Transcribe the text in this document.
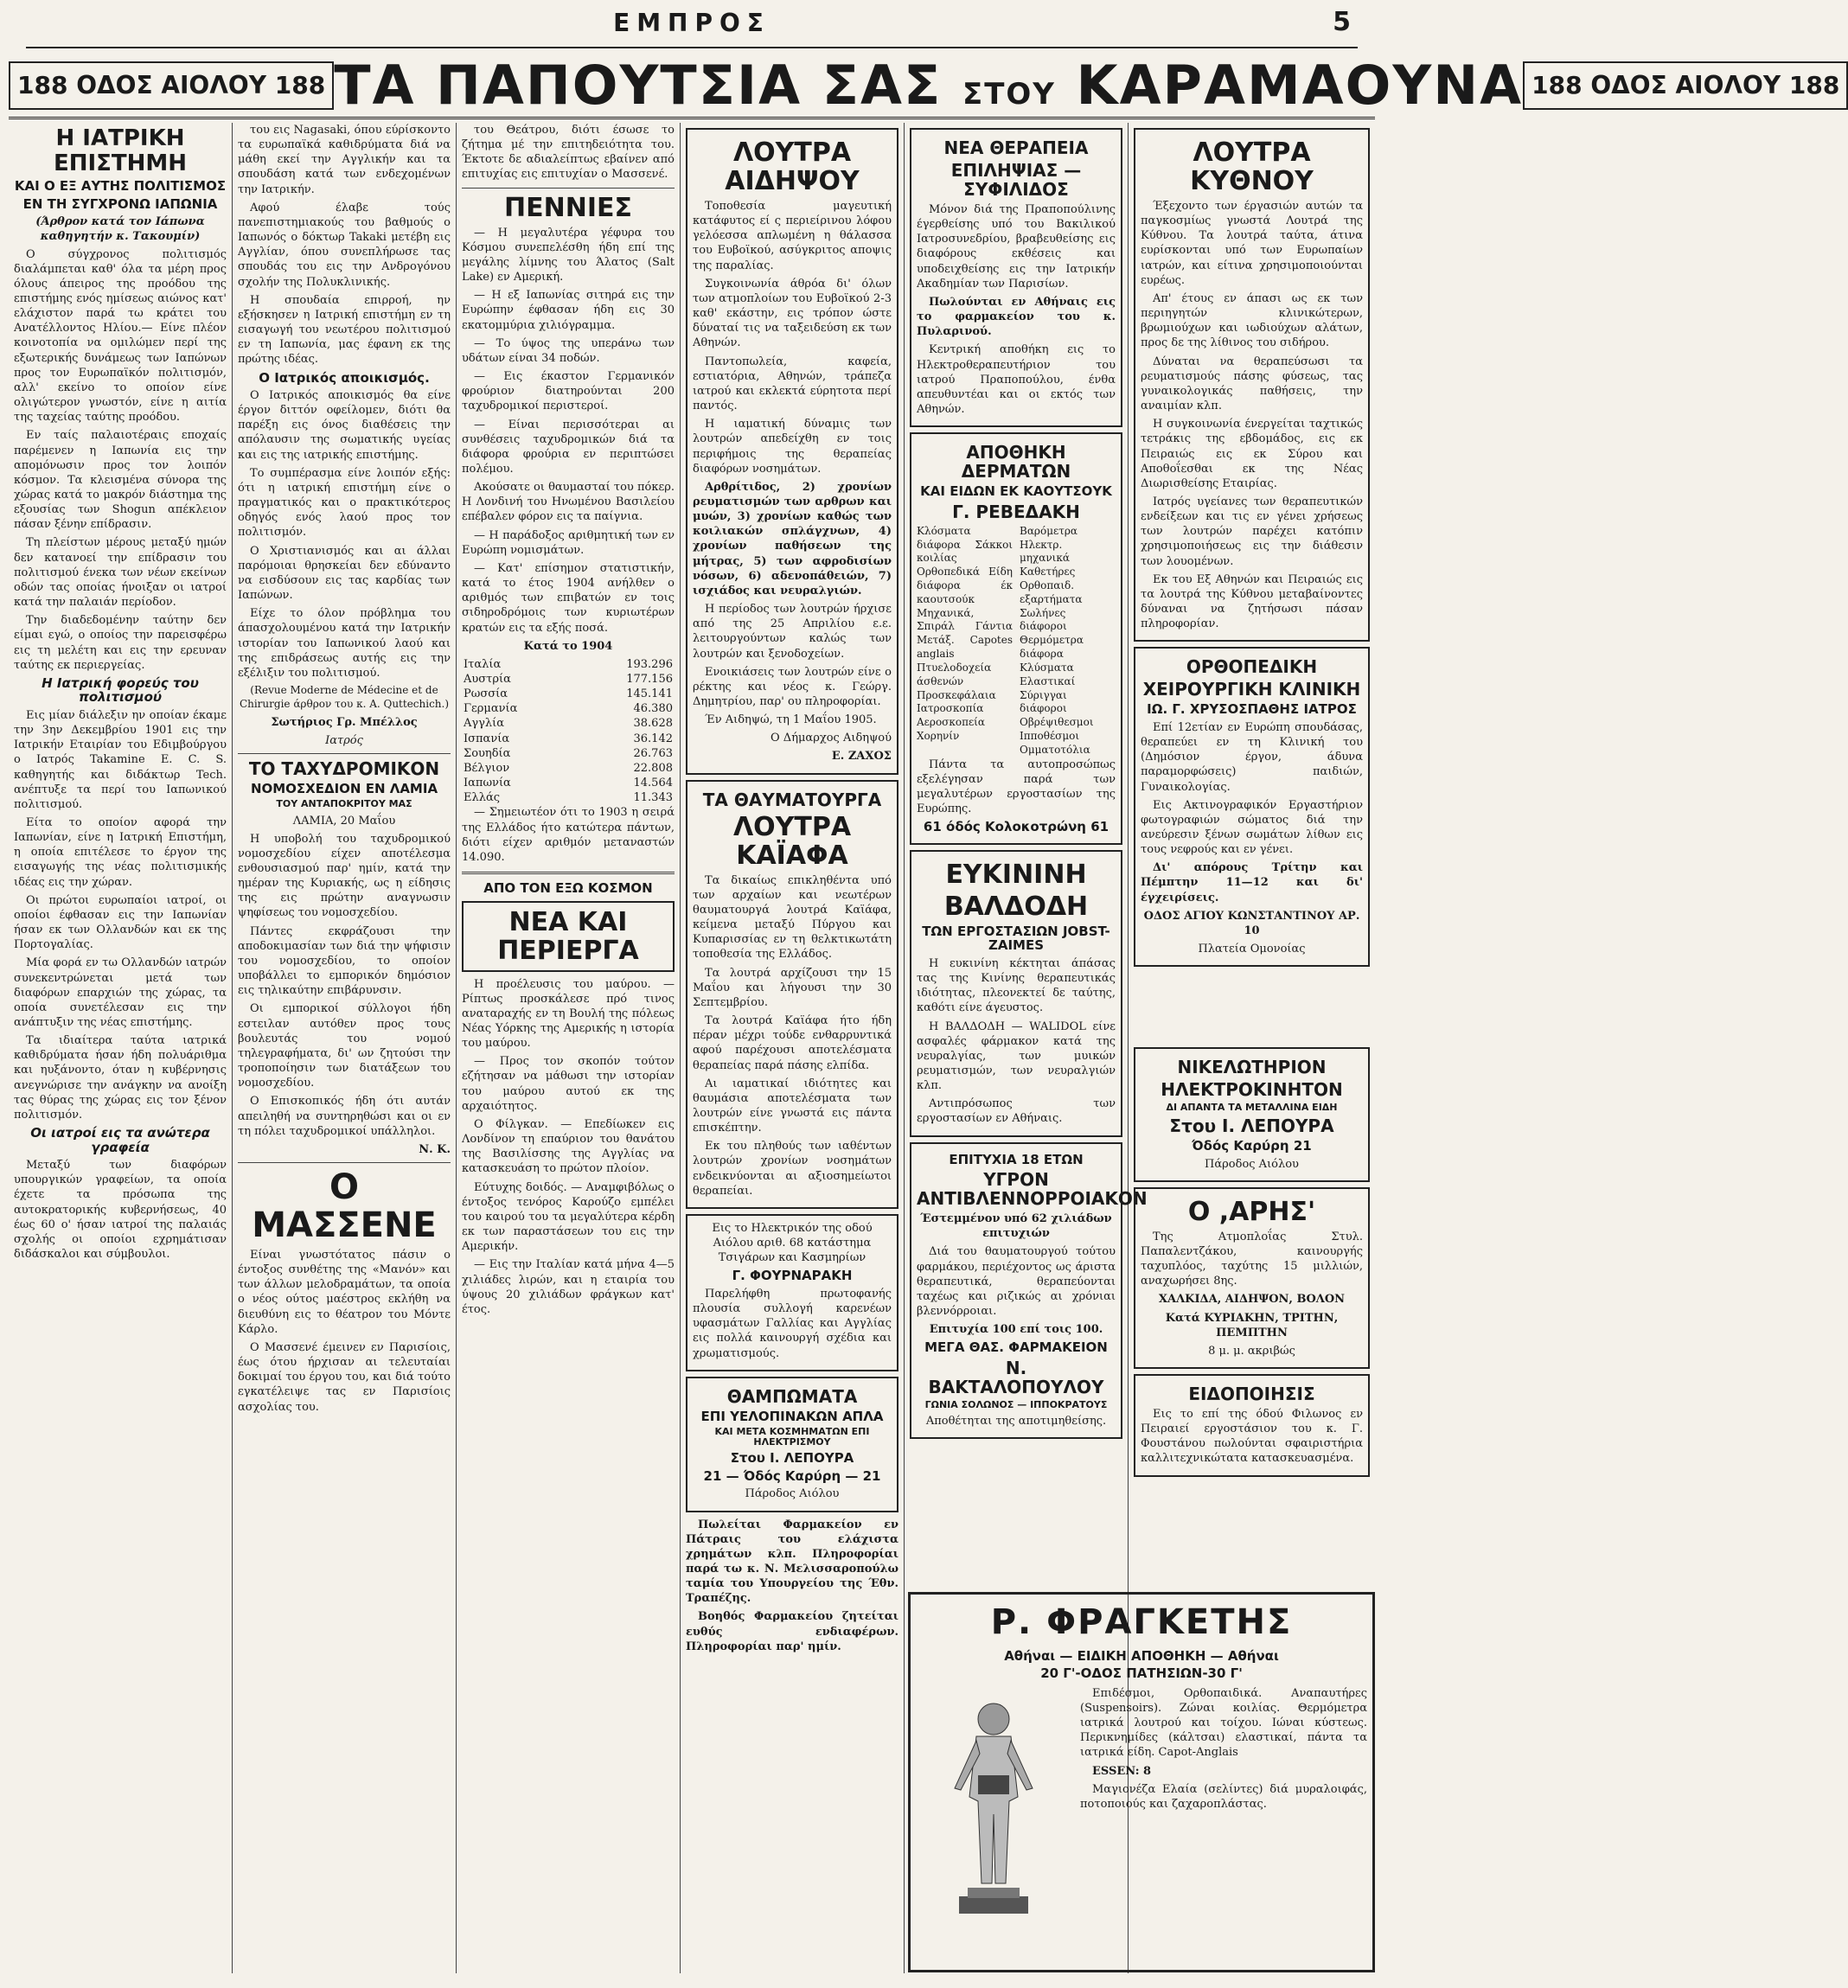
ΕΜΠΡΟΣ	5
188 ΟΔΟΣ ΑΙΟΛΟΥ 188 ΤΑ ΠΑΠΟΥΤΣΙΑ ΣΑΣ ΣΤΟΥ ΚΑΡΑΜΑΟΥΝΑ 188 ΟΔΟΣ ΑΙΟΛΟΥ 188
Η ΙΑΤΡΙΚΗ ΕΠΙΣΤΗΜΗ
ΚΑΙ Ο ΕΞ ΑΥΤΗΣ ΠΟΛΙΤΙΣΜΟΣ
ΕΝ ΤΗ ΣΥΓΧΡΟΝΩ ΙΑΠΩΝΙΑ
(Άρθρον κατά τον Ιάπωνα καθηγητήν κ. Τακουμίν)

Ο σύγχρονος πολιτισμός διαλάμπεται καθ' όλα τα μέρη προς όλους άπειρος της προόδου της επιστήμης ενός ημίσεως αιώνος κατ' ελάχιστον παρά τω κράτει του Ανατέλλοντος Ηλίου.— Είνε πλέον κοινοτοπία να ομιλώμεν περί της εξωτερικής δυνάμεως των Ιαπώνων προς τον Ευρωπαϊκόν πολιτισμόν, αλλ' εκείνο το οποίον είνε ολιγώτερον γνωστόν, είνε η αιτία της ταχείας ταύτης προόδου.

Εν ταίς παλαιοτέραις εποχαίς παρέμενεν η Ιαπωνία εις την απομόνωσιν προς τον λοιπόν κόσμον. Τα κλεισμένα σύνορα της χώρας κατά το μακρόν διάστημα της εξουσίας των Shogun απέκλειον πάσαν ξένην επίδρασιν.

Τη πλείστων μέρους μεταξύ ημών δεν κατανοεί την επίδρασιν του πολιτισμού ένεκα των νέων εκείνων οδών τας οποίας ήνοιξαν οι ιατροί κατά την παλαιάν περίοδον.

Την διαδεδομένην ταύτην δεν είμαι εγώ, ο οποίος την παρεισφέρω εις τη μελέτη και εις την ερευναν ταύτης εκ περιεργείας.

Η Ιατρική φορεύς του πολιτισμού

Εις μίαν διάλεξιν ην οποίαν έκαμε την 3ην Δεκεμβρίου 1901 εις την Ιατρικήν Εταιρίαν του Εδιμβούργου ο Ιατρός Takamine E. C. S. καθηγητής και διδάκτωρ Tech. ανέπτυξε τα περί του Ιαπωνικού πολιτισμού.

Είτα το οποίον αφορά την Ιαπωνίαν, είνε η Ιατρική Επιστήμη, η οποία επιτέλεσε το έργον της εισαγωγής της νέας πολιτισμικής ιδέας εις την χώραν.

Οι πρώτοι ευρωπαίοι ιατροί, οι οποίοι έφθασαν εις την Ιαπωνίαν ήσαν εκ των Ολλανδών και εκ της Πορτογαλίας.

Μία φορά εν τω Ολλανδών ιατρών συνεκεντρώνεται μετά των διαφόρων επαρχιών της χώρας, τα οποία συνετέλεσαν εις την ανάπτυξιν της νέας επιστήμης.

Τα ιδιαίτερα ταύτα ιατρικά καθιδρύματα ήσαν ήδη πολυάριθμα και ηυξάνοντο, όταν η κυβέρνησις ανεγνώρισε την ανάγκην να ανοίξη τας θύρας της χώρας εις τον ξένον πολιτισμόν.

Οι ιατροί εις τα ανώτερα γραφεία

Μεταξύ των διαφόρων υπουργικών γραφείων, τα οποία έχετε τα πρόσωπα της αυτοκρατορικής κυβερνήσεως, 40 έως 60 ο' ήσαν ιατροί της παλαιάς σχολής οι οποίοι εχρημάτισαν διδάσκαλοι και σύμβουλοι.

του εις Nagasaki, όπου εύρίσκοντο τα ευρωπαϊκά καθιδρύματα διά να μάθη εκεί την Αγγλικήν και τα σπουδάση κατά των ενδεχομένων την Ιατρικήν.

Αφού έλαβε τούς πανεπιστημιακούς του βαθμούς ο Ιαπωνός ο δόκτωρ Takaki μετέβη εις Αγγλίαν, όπου συνεπλήρωσε τας σπουδάς του εις την Ανδρογόνου σχολήν της Πολυκλινικής.

Η σπουδαία επιρροή, ην εξήσκησεν η Ιατρική επιστήμη εν τη εισαγωγή του νεωτέρου πολιτισμού εν τη Ιαπωνία, μας έφανη εκ της πρώτης ιδέας.

Ο Ιατρικός αποικισμός.

Ο Ιατρικός αποικισμός θα είνε έργον διττόν οφείλομεν, διότι θα παρέξη εις όνος διαθέσεις την απόλαυσιν της σωματικής υγείας και εις της ιατρικής επιστήμης.

Το συμπέρασμα είνε λοιπόν εξής: ότι η ιατρική επιστήμη είνε ο πραγματικός και ο πρακτικότερος οδηγός ενός λαού προς τον πολιτισμόν.

Ο Χριστιανισμός και αι άλλαι παρόμοιαι θρησκείαι δεν εδύναντο να εισδύσουν εις τας καρδίας των Ιαπώνων.

Είχε το όλον πρόβλημα του άπασχολουμένου κατά την Ιατρικήν ιστορίαν του Ιαπωνικού λαού και της επιδράσεως αυτής εις την εξέλιξιν του πολιτισμού.

(Revue Moderne de Médecine et de Chirurgie άρθρον του κ. A. Quttechich.)

Σωτήριος Γρ. Μπέλλος

Ιατρός

ΤΟ ΤΑΧΥΔΡΟΜΙΚΟΝ
ΝΟΜΟΣΧΕΔΙΟΝ ΕΝ ΛΑΜΙΑ
ΤΟΥ ΑΝΤΑΠΟΚΡΙΤΟΥ ΜΑΣ

ΛΑΜΙΑ, 20 Μαΐου

Η υποβολή του ταχυδρομικού νομοσχεδίου είχεν αποτέλεσμα ενθουσιασμού παρ' ημίν, κατά την ημέραν της Κυριακής, ως η είδησις της εις πρώτην αναγνωσιν ψηφίσεως του νομοσχεδίου.

Πάντες εκφράζουσι την αποδοκιμασίαν των διά την ψήφισιν του νομοσχεδίου, το οποίον υποβάλλει το εμπορικόν δημόσιον εις τηλικαύτην επιβάρυνσιν.

Οι εμπορικοί σύλλογοι ήδη εστειλαν αυτόθεν προς τους βουλευτάς του νομού τηλεγραφήματα, δι' ων ζητούσι την τροποποίησιν των διατάξεων του νομοσχεδίου.

Ο Επισκοπικός ήδη ότι αυτάν απειληθή να συντηρηθώσι και οι εν τη πόλει ταχυδρομικοί υπάλληλοι.

Ν. Κ.

Ο ΜΑΣΣΕΝΕ

Είναι γνωστότατος πάσιν ο έντοξος συνθέτης της «Μανόν» και των άλλων μελοδραμάτων, τα οποία ο νέος ούτος μαέστρος εκλήθη να διευθύνη εις το θέατρον του Μόντε Κάρλο.

Ο Μασσενέ έμεινεν εν Παρισίοις, έως ότου ήρχισαν αι τελευταίαι δοκιμαί του έργου του, και διά τούτο εγκατέλειψε τας εν Παρισίοις ασχολίας του.

του Θεάτρου, διότι έσωσε το ζήτημα μέ την επιτηδειότητα του. Έκτοτε δε αδιαλείπτως εβαίνεν από επιτυχίας εις επιτυχίαν ο Μασσενέ.

ΠΕΝΝΙΕΣ

— Η μεγαλυτέρα γέφυρα του Κόσμου συνεπελέσθη ήδη επί της μεγάλης λίμνης του Άλατος (Salt Lake) εν Αμερική.

— Η εξ Ιαπωνίας σιτηρά εις την Ευρώπην έφθασαν ήδη εις 30 εκατομμύρια χιλιόγραμμα.

— Το ύψος της υπεράνω των υδάτων είναι 34 ποδών.

— Εις έκαστον Γερμανικόν φρούριον διατηρούνται 200 ταχυδρομικοί περιστεροί.

— Είναι περισσότεραι αι συνθέσεις ταχυδρομικών διά τα διάφορα φρούρια εν περιπτώσει πολέμου.

Ακούσατε οι θαυμασταί του πόκερ. Η Λονδινή του Ηνωμένου Βασιλείου επέβαλεν φόρον εις τα παίγνια.

— Η παράδοξος αριθμητική των εν Ευρώπη νομισμάτων.

— Κατ' επίσημον στατιστικήν, κατά το έτος 1904 ανήλθεν ο αριθμός των επιβατών εν τοις σιδηροδρόμοις των κυριωτέρων κρατών εις τα εξής ποσά.

Κατά το 1904

Ιταλία	193.296
Αυστρία	177.156
Ρωσσία	145.141
Γερμανία	46.380
Αγγλία	38.628
Ισπανία	36.142
Σουηδία	26.763
Βέλγιον	22.808
Ιαπωνία	14.564
Ελλάς	11.343

— Σημειωτέον ότι το 1903 η σειρά της Ελλάδος ήτο κατώτερα πάντων, διότι είχεν αριθμόν μεταναστών 14.090.

ΑΠΟ ΤΟΝ ΕΞΩ ΚΟΣΜΟΝ
ΝΕΑ ΚΑΙ ΠΕΡΙΕΡΓΑ

Η προέλευσις του μαύρου. — Ρίπτως προσκάλεσε πρό τινος αναταραχής εν τη Βουλή της πόλεως Νέας Υόρκης της Αμερικής η ιστορία του μαύρου.

— Προς τον σκοπόν τούτον εζήτησαν να μάθωσι την ιστορίαν του μαύρου αυτού εκ της αρχαιότητος.

Ο Φίλγκαν. — Επεδίωκεν εις Λονδίνον τη επαύριον του θανάτου της Βασιλίσσης της Αγγλίας να κατασκευάση το πρώτον πλοίον.

Εύτυχης δοιδός. — Αναμφιβόλως ο έντοξος τενόρος Καρούζο εμπέλει του καιρού του τα μεγαλύτερα κέρδη εκ των παραστάσεων του εις την Αμερικήν.

— Εις την Ιταλίαν κατά μήνα 4—5 χιλιάδες λιρών, και η εταιρία του ύψους 20 χιλιάδων φράγκων κατ' έτος.

ΛΟΥΤΡΑ ΑΙΔΗΨΟΥ

Τοποθεσία μαγευτική κατάφυτος εί ς περιείρινου λόφου γελόεσσα απλωμένη η θάλασσα του Ευβοϊκού, ασύγκριτος αποψις της παραλίας.

Συγκοινωνία άθρόα δι' όλων των ατμοπλοίων του Ευβοϊκού 2-3 καθ' εκάστην, εις τρόπον ώστε δύναταί τις να ταξειδεύση εκ των Αθηνών.

Παντοπωλεία, καφεία, εστιατόρια, Αθηνών, τράπεζα ιατρού και εκλεκτά εύρητοτα περί παντός.

Η ιαματική δύναμις των λουτρών απεδείχθη εν τοις περιφήμοις της θεραπείας διαφόρων νοσημάτων.

Αρθρίτιδος, 2) χρονίων ρευματισμών των αρθρων και μυών, 3) χρονίων καθώς των κοιλιακών σπλάγχνων, 4) χρονίων παθήσεων της μήτρας, 5) των αφροδισίων νόσων, 6) αδενοπάθειών, 7) ισχιάδος και νευραλγιών.

Η περίοδος των λουτρών ήρχισε από της 25 Απριλίου ε.ε. λειτουργούντων καλώς των λουτρών και ξενοδοχείων.

Ενοικιάσεις των λουτρών είνε ο ρέκτης και νέος κ. Γεώργ. Δημητρίου, παρ' ου πληροφορίαι.

Έν Αιδηψώ, τη 1 Μαΐου 1905.

Ο Δήμαρχος Αιδηψού

Ε. ΖΑΧΟΣ

ΤΑ ΘΑΥΜΑΤΟΥΡΓΑ
ΛΟΥΤΡΑ ΚΑΪΑΦΑ

Τα δικαίως επικληθέντα υπό των αρχαίων και νεωτέρων θαυματουργά λουτρά Καϊάφα, κείμενα μεταξύ Πύργου και Κυπαρισσίας εν τη θελκτικωτάτη τοποθεσία της Ελλάδος.

Τα λουτρά αρχίζουσι την 15 Μαΐου και λήγουσι την 30 Σεπτεμβρίου.

Τα λουτρά Καϊάφα ήτο ήδη πέραν μέχρι τούδε ενθαρρυντικά αφού παρέχουσι αποτελέσματα θεραπείας παρά πάσης ελπίδα.

Αι ιαματικαί ιδιότητες και θαυμάσια αποτελέσματα των λουτρών είνε γνωστά εις πάντα επισκέπτην.

Εκ του πληθούς των ιαθέντων λουτρών χρονίων νοσημάτων ενδεικνύονται αι αξιοσημείωτοι θεραπείαι.

Εις το Ηλεκτρικόν της οδού Αιόλου αριθ. 68 κατάστημα Τσιγάρων και Κασμηρίων

Γ. ΦΟΥΡΝΑΡΑΚΗ

Παρελήφθη πρωτοφανής πλουσία συλλογή καρενέων υφασμάτων Γαλλίας και Αγγλίας εις πολλά καινουργή σχέδια και χρωματισμούς.

ΘΑΜΠΩΜΑΤΑ
ΕΠΙ ΥΕΛΟΠΙΝΑΚΩΝ ΑΠΛΑ
ΚΑΙ ΜΕΤΑ ΚΟΣΜΗΜΑΤΩΝ ΕΠΙ ΗΛΕΚΤΡΙΣΜΟΥ
Στου Ι. ΛΕΠΟΥΡΑ
21 — Όδός Καρύρη — 21

Πάροδος Αιόλου

Πωλείται Φαρμακείον εν Πάτραις του ελάχιστα χρημάτων κλπ. Πληροφορίαι παρά τω κ. Ν. Μελισσαροπούλω ταμία του Υπουργείου της Έθν. Τραπέζης.

Βοηθός Φαρμακείου ζητείται ευθύς ενδιαφέρων. Πληροφορίαι παρ' ημίν.

ΝΕΑ ΘΕΡΑΠΕΙΑ
ΕΠΙΛΗΨΙΑΣ — ΣΥΦΙΛΙΔΟΣ

Μόνον διά της Πραποπούλινης έγερθείσης υπό του Βακιλικού Ιατροσυνεδρίου, βραβευθείσης εις διαφόρους εκθέσεις και υποδειχθείσης εις την Ιατρικήν Ακαδημίαν των Παρισίων.

Πωλούνται εν Αθήναις εις το φαρμακείον του κ. Πυλαρινού.

Κεντρική αποθήκη εις το Ηλεκτροθεραπευτήριον του ιατρού Πραποπούλου, ένθα απευθυντέαι και οι εκτός των Αθηνών.

ΑΠΟΘΗΚΗ ΔΕΡΜΑΤΩΝ
ΚΑΙ ΕΙΔΩΝ ΕΚ ΚΑΟΥΤΣΟΥΚ
Γ. ΡΕΒΕΔΑΚΗ
Κλόσματα διάφορα Σάκκοι κοιλίας Ορθοπεδικά Είδη διάφορα έκ καουτσούκ Μηχανικά, Σπιράλ Γάντια Μετάξ. Capotes anglais Πτυελοδοχεία άσθενών Προσκεφάλαια Ιατροσκοπία Αεροσκοπεία Χορηνίν
Βαρόμετρα Ηλεκτρ. μηχανικά Καθετήρες Ορθοπαιδ. εξαρτήματα Σωλήνες διάφοροι Θερμόμετρα διάφορα Κλύσματα Ελαστικαί Σύριγγαι διάφοροι Οβρέψιθεσμοι Ιπποθέσμοι Ομματοτόλια

Πάντα τα αυτοπροσώπως εξελέγησαν παρά των μεγαλυτέρων εργοστασίων της Ευρώπης.

61 όδός Κολοκοτρώνη 61
ΕΥΚΙΝΙΝΗ
ΒΑΛΔΟΔΗ
ΤΩΝ ΕΡΓΟΣΤΑΣΙΩΝ JOBST-ZAIMES

Η ευκινίνη κέκτηται άπάσας τας της Κινίνης θεραπευτικάς ιδιότητας, πλεονεκτεί δε ταύτης, καθότι είνε άγευστος.

Η ΒΑΛΔΟΔΗ — WALIDOL είνε ασφαλές φάρμακον κατά της νευραλγίας, των μυικών ρευματισμών, των νευραλγιών κλπ.

Αντιπρόσωπος των εργοστασίων εν Αθήναις.

ΕΠΙΤΥΧΙΑ 18 ΕΤΩΝ
ΥΓΡΟΝ ΑΝΤΙΒΛΕΝΝΟΡΡΟΙΑΚΟΝ

Έστεμμένον υπό 62 χιλιάδων επιτυχιών

Διά του θαυματουργού τούτου φαρμάκου, περιέχοντος ως άριστα θεραπευτικά, θεραπεύονται ταχέως και ριζικώς αι χρόνιαι βλεννόρροιαι.

Επιτυχία 100 επί τοις 100.

ΜΕΓΑ ΘΑΣ. ΦΑΡΜΑΚΕΙΟΝ
Ν. ΒΑΚΤΑΛΟΠΟΥΛΟΥ
ΓΩΝΙΑ ΣΟΛΩΝΟΣ — ΙΠΠΟΚΡΑΤΟΥΣ

Αποθέτηται της αποτιμηθείσης.

ΛΟΥΤΡΑ ΚΥΘΝΟΥ

Έξεχοντο των έργασιών αυτών τα παγκοσμίως γνωστά Λουτρά της Κύθνου. Τα λουτρά ταύτα, άτινα ευρίσκονται υπό των Ευρωπαίων ιατρών, και είτινα χρησιμοποιούνται ευρέως.

Απ' έτους εν άπασι ως εκ των περιηγητών κλινικώτερων, βρωμιούχων και ιωδιούχων αλάτων, προς δε της λίθινος του σιδήρου.

Δύναται να θεραπεύσωσι τα ρευματισμούς πάσης φύσεως, τας γυναικολογικάς παθήσεις, την αναιμίαν κλπ.

Η συγκοινωνία ένεργείται ταχτικώς τετράκις της εβδομάδος, εις εκ Πειραιώς εις εκ Σύρου και Αποθοΐεσθαι εκ της Νέας Διωρισθείσης Εταιρίας.

Ιατρός υγείανες των θεραπευτικών ενδείξεων και τις εν γένει χρήσεως των λουτρών παρέχει κατόπιν χρησιμοποιήσεως εις την διάθεσιν των λουομένων.

Εκ του Εξ Αθηνών και Πειραιώς εις τα λουτρά της Κύθνου μεταβαίνοντες δύναναι να ζητήσωσι πάσαν πληροφορίαν.

ΟΡΘΟΠΕΔΙΚΗ
ΧΕΙΡΟΥΡΓΙΚΗ ΚΛΙΝΙΚΗ
ΙΩ. Γ. ΧΡΥΣΟΣΠΑΘΗΣ ΙΑΤΡΟΣ

Επί 12ετίαν εν Ευρώπη σπουδάσας, θεραπεύει εν τη Κλινική του (Δημόσιον έργον, άδυνα παραμορφώσεις) παιδιών, Γυναικολογίας.

Εις Ακτινογραφικόν Εργαστήριον φωτογραφιών σώματος διά την ανεύρεσιν ξένων σωμάτων λίθων εις τους νεφρούς και εν γένει.

Δι' απόρους Τρίτην και Πέμπτην 11—12 και δι' έγχειρίσεις.

ΟΔΟΣ ΑΓΙΟΥ ΚΩΝΣΤΑΝΤΙΝΟΥ ΑΡ. 10

Πλατεία Ομονοίας

ΝΙΚΕΛΩΤΗΡΙΟΝ
ΗΛΕΚΤΡΟΚΙΝΗΤΟΝ
ΔΙ ΑΠΑΝΤΑ ΤΑ ΜΕΤΑΛΛΙΝΑ ΕΙΔΗ
Στου Ι. ΛΕΠΟΥΡΑ
Όδός Καρύρη 21

Πάροδος Αιόλου

Ο ,ΑΡΗΣ'

Της Ατμοπλοΐας Στυλ. Παπαλεντζάκου, καινουργής ταχυπλόος, ταχύτης 15 μιλλιών, αναχωρήσει 8ης.

ΧΑΛΚΙΔΑ, ΑΙΔΗΨΟΝ, ΒΟΛΟΝ

Κατά ΚΥΡΙΑΚΗΝ, ΤΡΙΤΗΝ, ΠΕΜΠΤΗΝ

8 μ. μ. ακριβώς

ΕΙΔΟΠΟΙΗΣΙΣ

Εις το επί της όδού Φιλωνος εν Πειραιεί εργοστάσιον του κ. Γ. Φουστάνου πωλούνται σφαιριστήρια καλλιτεχνικώτατα κατασκευασμένα.

Ρ. ΦΡΑΓΚΕΤΗΣ
Αθήναι — ΕΙΔΙΚΗ ΑΠΟΘΗΚΗ — Αθήναι
20 Γ'-ΟΔΟΣ ΠΑΤΗΣΙΩΝ-30 Γ'

Επιδέσμοι, Ορθοπαιδικά. Αναπαυτήρες (Suspensoirs). Ζώναι κοιλίας. Θερμόμετρα ιατρικά λουτρού και τοίχου. Ιώναι κύστεως. Περικνημίδες (κάλτσαι) ελαστικαί, πάντα τα ιατρικά είδη. Capot-Anglais

ESSEN: 8

Μαγιονέζα Ελαία (σελίντες) διά μυραλοιφάς, ποτοποιούς και ζαχαροπλάστας.
